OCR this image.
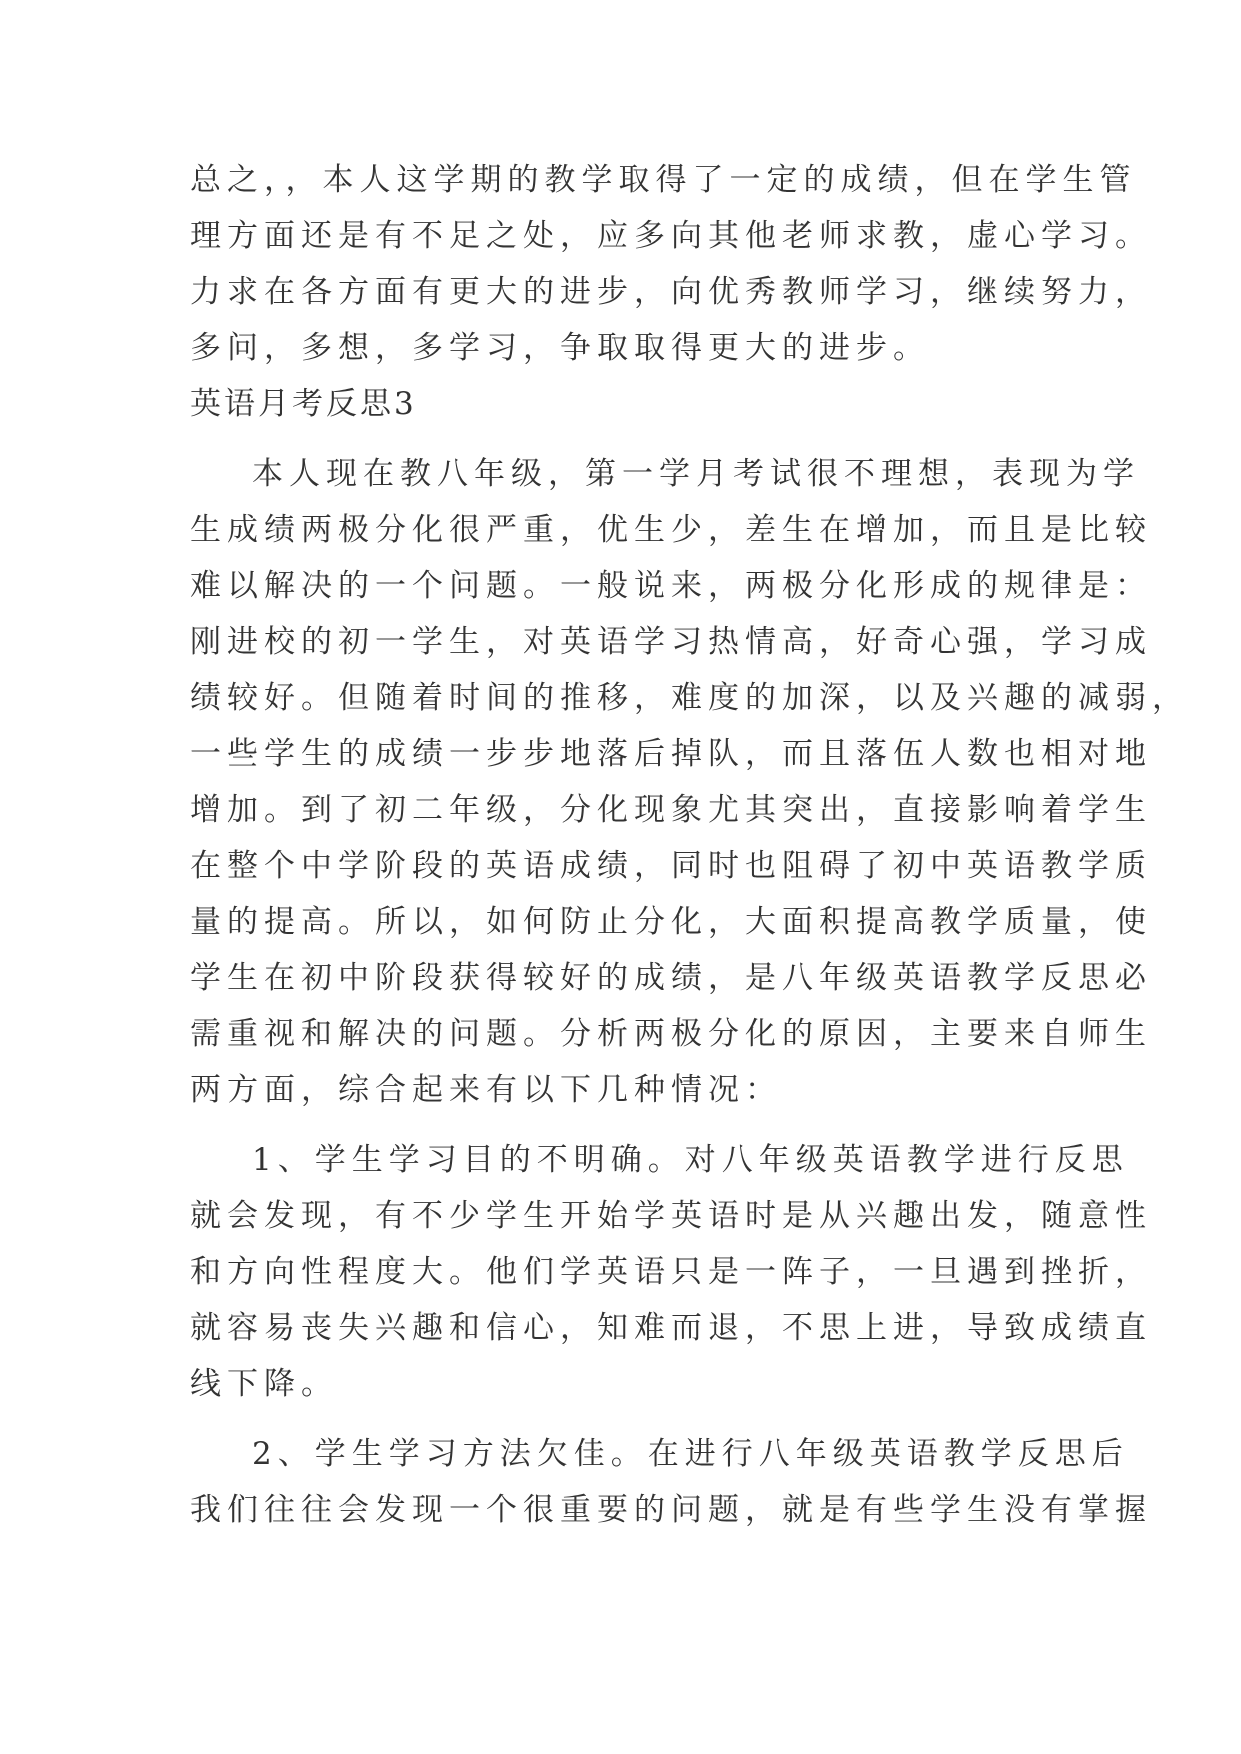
总之，，本人这学期的教学取得了一定的成绩，但在学生管
理方面还是有不足之处，应多向其他老师求教，虚心学习。
力求在各方面有更大的进步，向优秀教师学习，继续努力，
多问，多想，多学习，争取取得更大的进步。
英语月考反思3
本人现在教八年级，第一学月考试很不理想，表现为学
生成绩两极分化很严重，优生少，差生在增加，而且是比较
难以解决的一个问题。一般说来，两极分化形成的规律是：
刚进校的初一学生，对英语学习热情高，好奇心强，学习成
绩较好。但随着时间的推移，难度的加深，以及兴趣的减弱，
一些学生的成绩一步步地落后掉队，而且落伍人数也相对地
增加。到了初二年级，分化现象尤其突出，直接影响着学生
在整个中学阶段的英语成绩，同时也阻碍了初中英语教学质
量的提高。所以，如何防止分化，大面积提高教学质量，使
学生在初中阶段获得较好的成绩，是八年级英语教学反思必
需重视和解决的问题。分析两极分化的原因，主要来自师生
两方面，综合起来有以下几种情况：
1、学生学习目的不明确。对八年级英语教学进行反思
就会发现，有不少学生开始学英语时是从兴趣出发，随意性
和方向性程度大。他们学英语只是一阵子，一旦遇到挫折，
就容易丧失兴趣和信心，知难而退，不思上进，导致成绩直
线下降。
2、学生学习方法欠佳。在进行八年级英语教学反思后
我们往往会发现一个很重要的问题，就是有些学生没有掌握
